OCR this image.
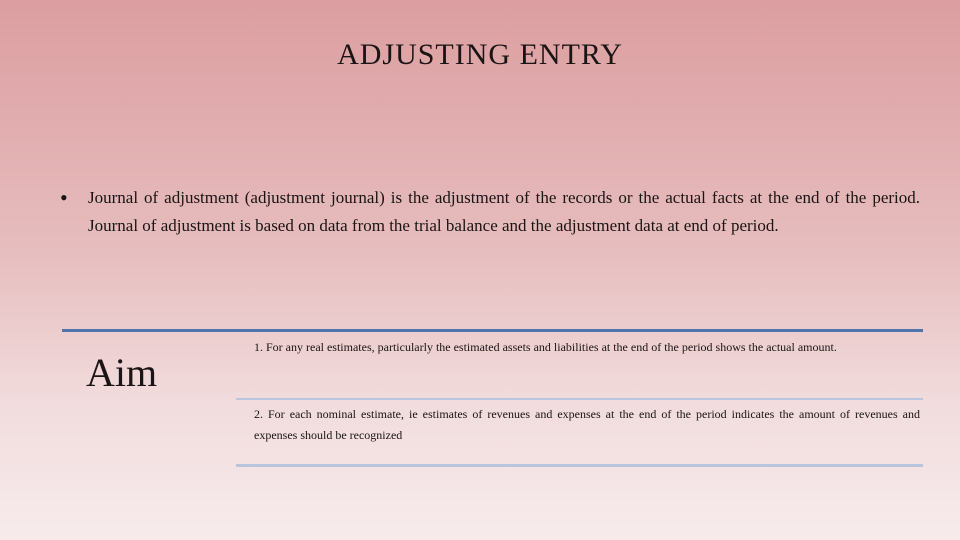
ADJUSTING ENTRY
• Journal of adjustment (adjustment journal) is the adjustment of the records or the actual facts at the end of the period. Journal of adjustment is based on data from the trial balance and the adjustment data at end of period.
Aim
1. For any real estimates, particularly the estimated assets and liabilities at the end of the period shows the actual amount.
2. For each nominal estimate, ie estimates of revenues and expenses at the end of the period indicates the amount of revenues and expenses should be recognized
